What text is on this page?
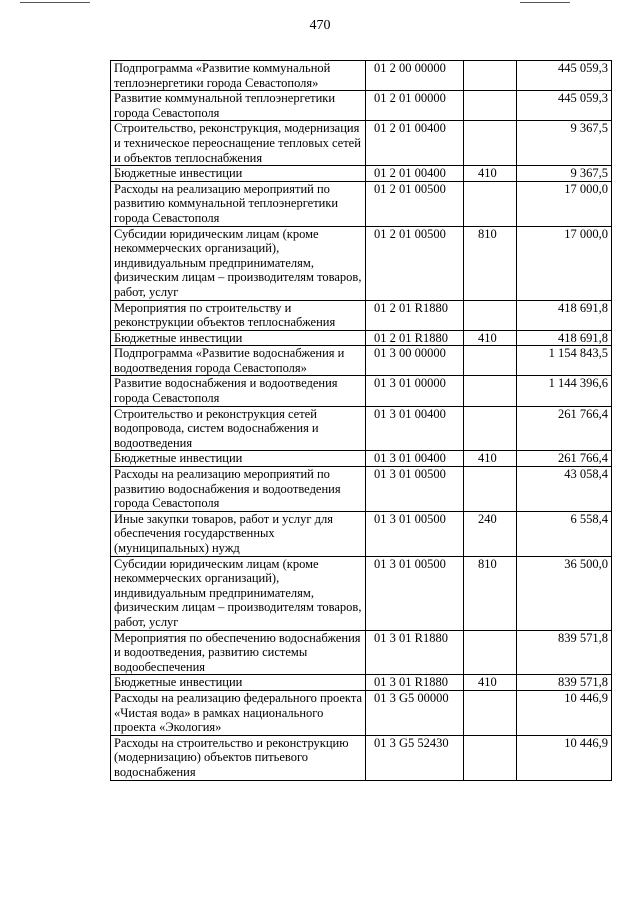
470
Подпрограмма «Развитие коммунальной теплоэнергетики города Севастополя»	01 2 00 00000		445 059,3
Развитие коммунальной теплоэнергетики города Севастополя	01 2 01 00000		445 059,3
Строительство, реконструкция, модернизация и техническое переоснащение тепловых сетей и объектов теплоснабжения	01 2 01 00400		9 367,5
Бюджетные инвестиции	01 2 01 00400	410	9 367,5
Расходы на реализацию мероприятий по развитию коммунальной теплоэнергетики города Севастополя	01 2 01 00500		17 000,0
Субсидии юридическим лицам (кроме некоммерческих организаций), индивидуальным предпринимателям, физическим лицам – производителям товаров, работ, услуг	01 2 01 00500	810	17 000,0
Мероприятия по строительству и реконструкции объектов теплоснабжения	01 2 01 R1880		418 691,8
Бюджетные инвестиции	01 2 01 R1880	410	418 691,8
Подпрограмма «Развитие водоснабжения и водоотведения города Севастополя»	01 3 00 00000		1 154 843,5
Развитие водоснабжения и водоотведения города Севастополя	01 3 01 00000		1 144 396,6
Строительство и реконструкция сетей водопровода, систем водоснабжения и водоотведения	01 3 01 00400		261 766,4
Бюджетные инвестиции	01 3 01 00400	410	261 766,4
Расходы на реализацию мероприятий по развитию водоснабжения и водоотведения города Севастополя	01 3 01 00500		43 058,4
Иные закупки товаров, работ и услуг для обеспечения государственных (муниципальных) нужд	01 3 01 00500	240	6 558,4
Субсидии юридическим лицам (кроме некоммерческих организаций), индивидуальным предпринимателям, физическим лицам – производителям товаров, работ, услуг	01 3 01 00500	810	36 500,0
Мероприятия по обеспечению водоснабжения и водоотведения, развитию системы водообеспечения	01 3 01 R1880		839 571,8
Бюджетные инвестиции	01 3 01 R1880	410	839 571,8
Расходы на реализацию федерального проекта «Чистая вода» в рамках национального проекта «Экология»	01 3 G5 00000		10 446,9
Расходы на строительство и реконструкцию (модернизацию) объектов питьевого водоснабжения	01 3 G5 52430		10 446,9
